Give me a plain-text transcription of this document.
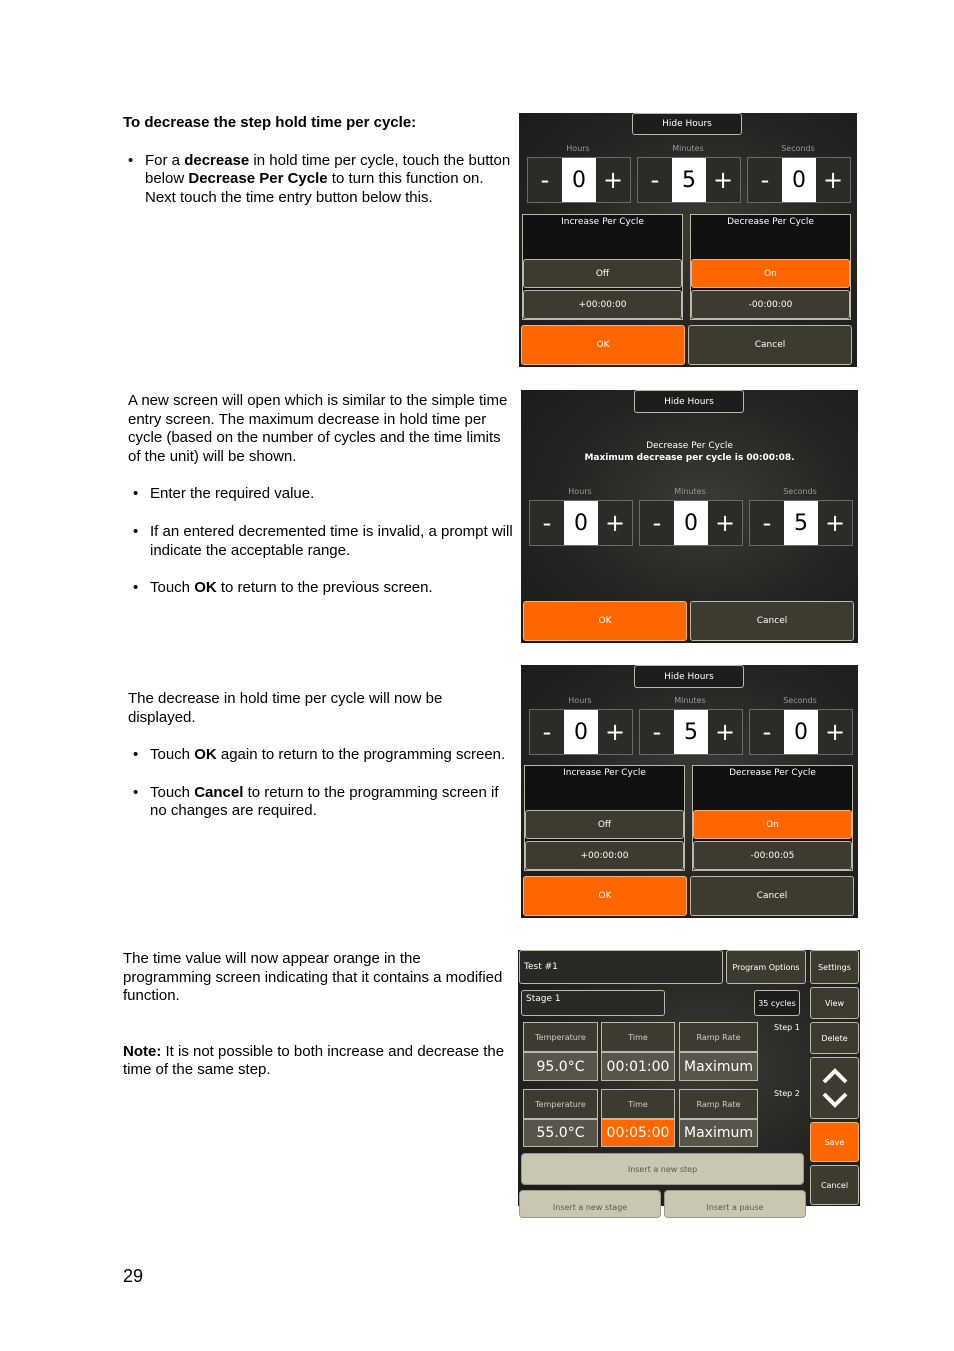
To decrease the step hold time per cycle:

• For a decrease in hold time per cycle, touch the button below Decrease Per Cycle to turn this function on. Next touch the time entry button below this.

A new screen will open which is similar to the simple time entry screen. The maximum decrease in hold time per cycle (based on the number of cycles and the time limits of the unit) will be shown.

• Enter the required value.
• If an entered decremented time is invalid, a prompt will indicate the acceptable range.
• Touch OK to return to the previous screen.

The decrease in hold time per cycle will now be displayed.

• Touch OK again to return to the programming screen.
• Touch Cancel to return to the programming screen if no changes are required.

The time value will now appear orange in the programming screen indicating that it contains a modified function.

Note: It is not possible to both increase and decrease the time of the same step.

Hide Hours
Hours	Minutes	Seconds
-	0 +	-	5 +	-	0 +
Increase Per Cycle
Off
+00:00:00
Decrease Per Cycle
On
-00:00:00
OK	Cancel
Hide Hours
Decrease Per Cycle
Maximum decrease per cycle is 00:00:08.
Hours	Minutes	Seconds
-	0 +	-	0 +	-	5 +
OK	Cancel
Hide Hours
Hours	Minutes	Seconds
-	0 +	-	5 +	-	0 +
Increase Per Cycle
Off
+00:00:00
Decrease Per Cycle
On
-00:00:05
OK	Cancel
Test #1	Program Options	Settings
Stage 1	35 cycles	View
Step 1
Temperature	Time	Ramp Rate
95.0°C	00:01:00	Maximum
Step 2
Temperature	Time	Ramp Rate
55.0°C	00:05:00	Maximum
Delete
Save
Cancel
Insert a new step
Insert a new stage	Insert a pause
29
